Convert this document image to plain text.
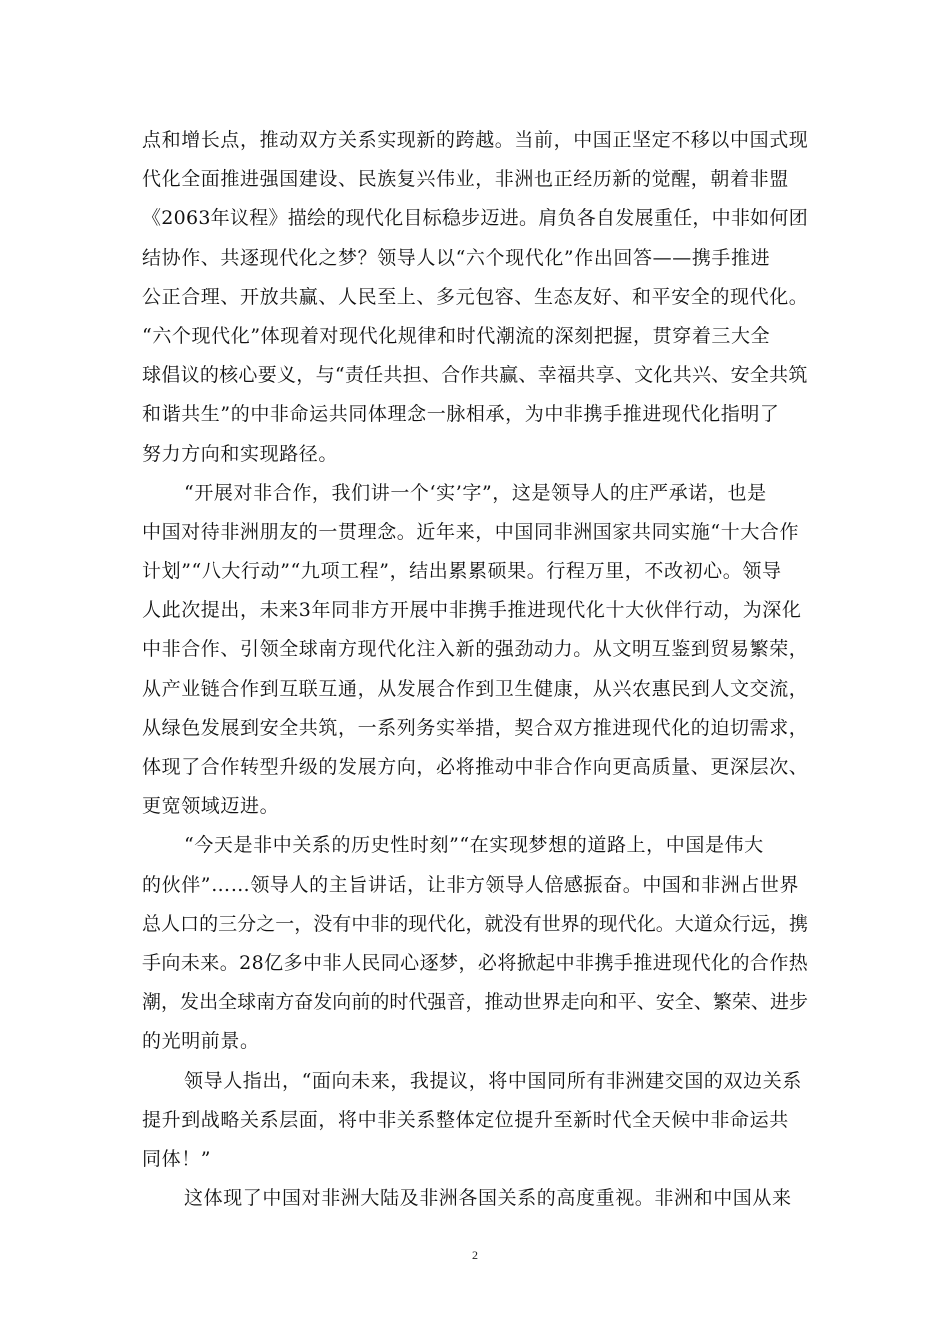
点和增长点，推动双方关系实现新的跨越。当前，中国正坚定不移以中国式现
代化全面推进强国建设、民族复兴伟业，非洲也正经历新的觉醒，朝着非盟
《2063年议程》描绘的现代化目标稳步迈进。肩负各自发展重任，中非如何团
结协作、共逐现代化之梦？领导人以“六个现代化”作出回答——携手推进
公正合理、开放共赢、人民至上、多元包容、生态友好、和平安全的现代化。
“六个现代化”体现着对现代化规律和时代潮流的深刻把握，贯穿着三大全
球倡议的核心要义，与“责任共担、合作共赢、幸福共享、文化共兴、安全共筑
和谐共生”的中非命运共同体理念一脉相承，为中非携手推进现代化指明了
努力方向和实现路径。
“开展对非合作，我们讲一个‘实’字”，这是领导人的庄严承诺，也是
中国对待非洲朋友的一贯理念。近年来，中国同非洲国家共同实施“十大合作
计划”“八大行动”“九项工程”，结出累累硕果。行程万里，不改初心。领导
人此次提出，未来3年同非方开展中非携手推进现代化十大伙伴行动，为深化
中非合作、引领全球南方现代化注入新的强劲动力。从文明互鉴到贸易繁荣，
从产业链合作到互联互通，从发展合作到卫生健康，从兴农惠民到人文交流，
从绿色发展到安全共筑，一系列务实举措，契合双方推进现代化的迫切需求，
体现了合作转型升级的发展方向，必将推动中非合作向更高质量、更深层次、
更宽领域迈进。
“今天是非中关系的历史性时刻”“在实现梦想的道路上，中国是伟大
的伙伴”……领导人的主旨讲话，让非方领导人倍感振奋。中国和非洲占世界
总人口的三分之一，没有中非的现代化，就没有世界的现代化。大道众行远，携
手向未来。28亿多中非人民同心逐梦，必将掀起中非携手推进现代化的合作热
潮，发出全球南方奋发向前的时代强音，推动世界走向和平、安全、繁荣、进步
的光明前景。
领导人指出，“面向未来，我提议，将中国同所有非洲建交国的双边关系
提升到战略关系层面，将中非关系整体定位提升至新时代全天候中非命运共
同体！”
这体现了中国对非洲大陆及非洲各国关系的高度重视。非洲和中国从来
2
